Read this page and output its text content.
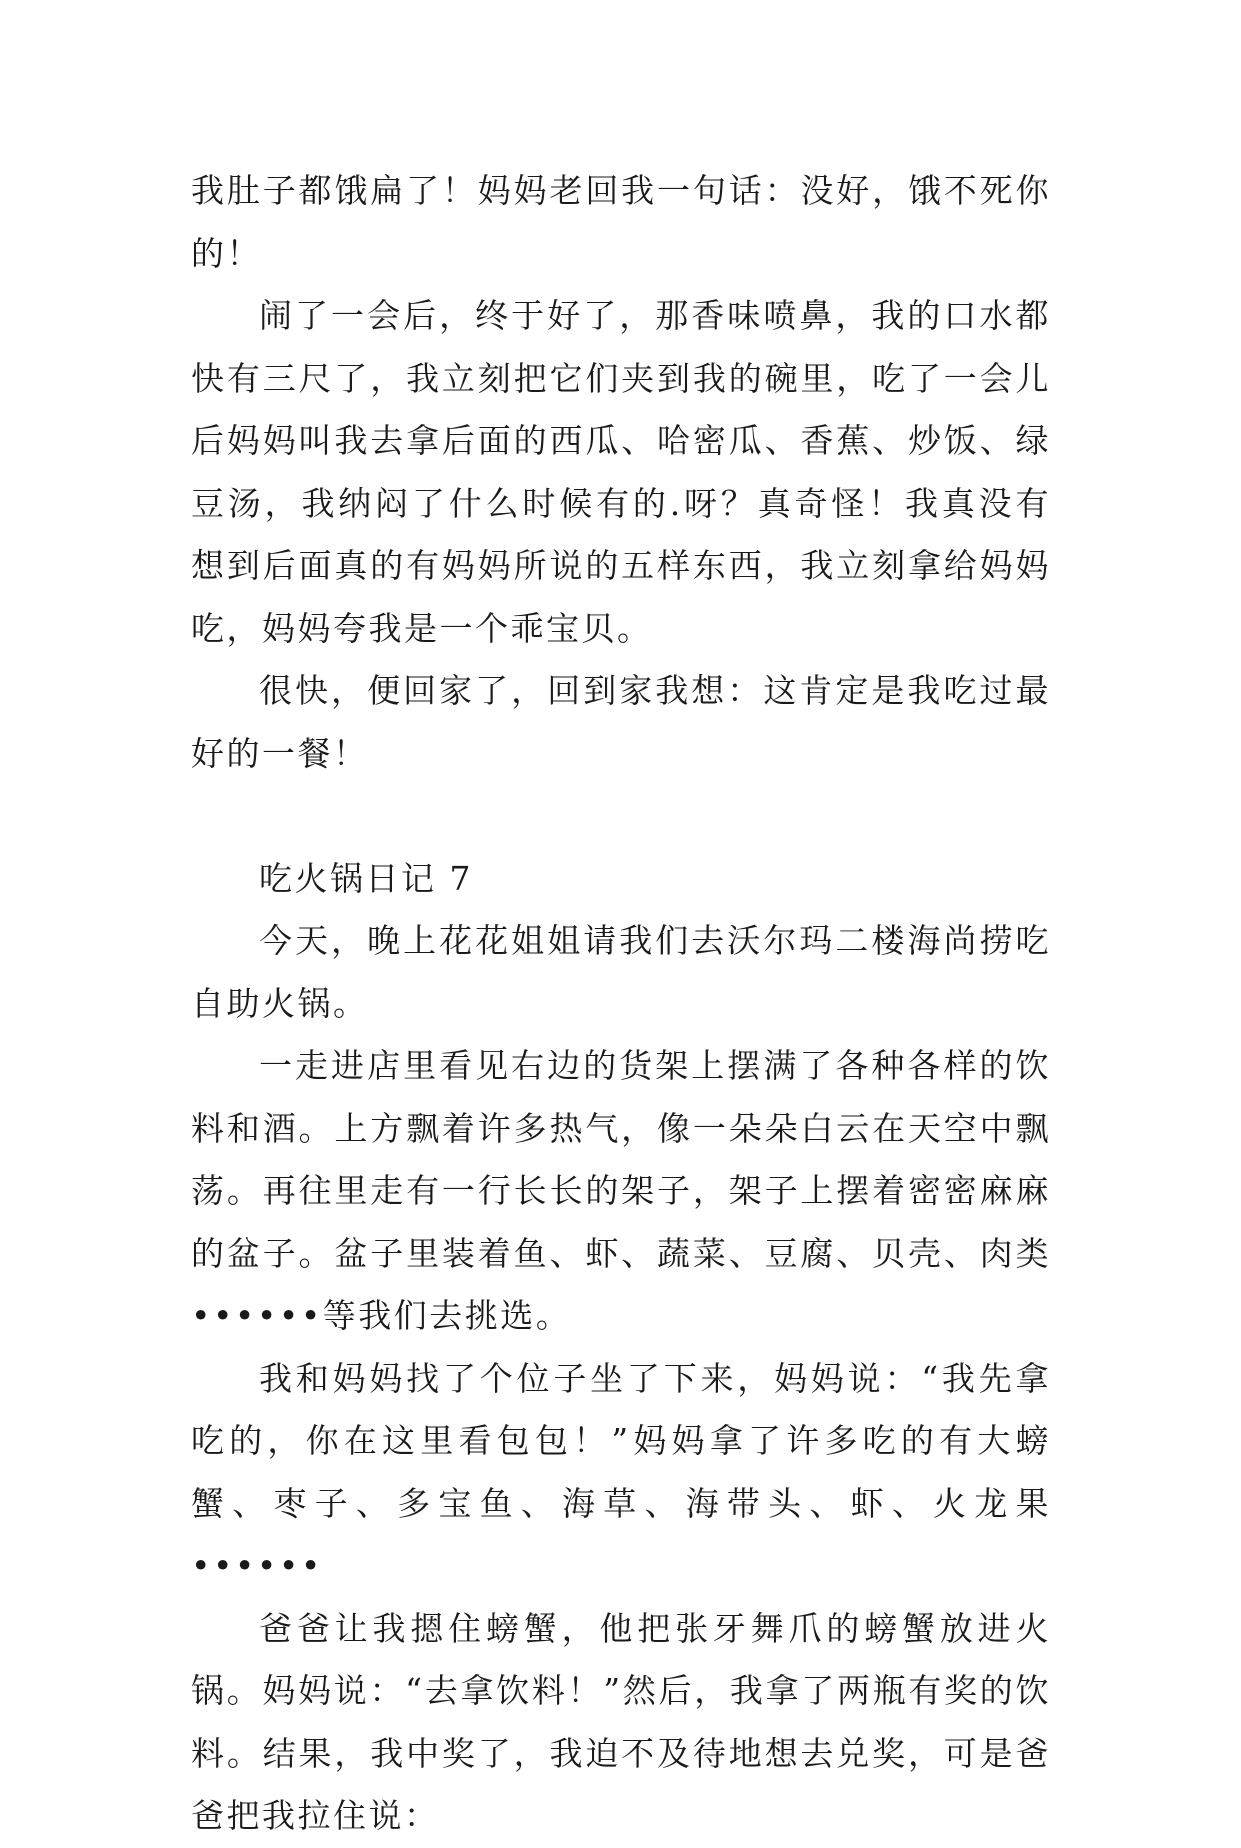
我肚子都饿扁了！妈妈老回我一句话：没好，饿不死你的！

闹了一会后，终于好了，那香味喷鼻，我的口水都快有三尺了，我立刻把它们夹到我的碗里，吃了一会儿后妈妈叫我去拿后面的西瓜、哈密瓜、香蕉、炒饭、绿豆汤，我纳闷了什么时候有的.呀？真奇怪！我真没有想到后面真的有妈妈所说的五样东西，我立刻拿给妈妈吃，妈妈夸我是一个乖宝贝。

很快，便回家了，回到家我想：这肯定是我吃过最好的一餐！

吃火锅日记 7

今天，晚上花花姐姐请我们去沃尔玛二楼海尚捞吃自助火锅。

一走进店里看见右边的货架上摆满了各种各样的饮料和酒。上方飘着许多热气，像一朵朵白云在天空中飘荡。再往里走有一行长长的架子，架子上摆着密密麻麻的盆子。盆子里装着鱼、虾、蔬菜、豆腐、贝壳、肉类••••••等我们去挑选。

我和妈妈找了个位子坐了下来，妈妈说：“我先拿吃的，你在这里看包包！”妈妈拿了许多吃的有大螃蟹、枣子、多宝鱼、海草、海带头、虾、火龙果••••••

爸爸让我摁住螃蟹，他把张牙舞爪的螃蟹放进火锅。妈妈说：“去拿饮料！”然后，我拿了两瓶有奖的饮料。结果，我中奖了，我迫不及待地想去兑奖，可是爸爸把我拉住说：
